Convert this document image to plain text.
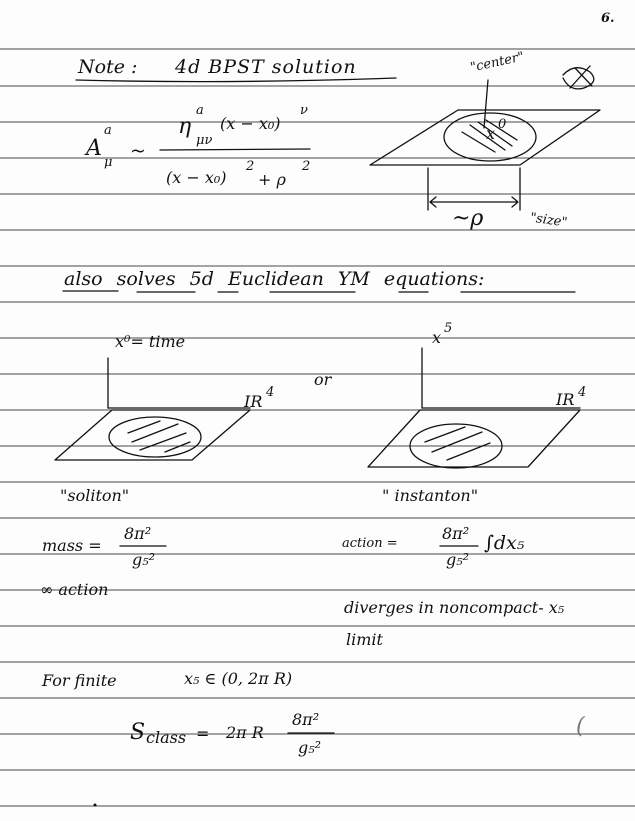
6.
Note : 4d BPST solution
A
a
μ
~
η
a
μν
(x − x₀)
ν
(x − x₀)
2
+ ρ
2
"center"
x 0
~ρ	"size"
also solves 5d Euclidean YM equations:
x⁰= time
IR 4
"soliton"
or
x 5
IR 4
" instanton"
mass =
8π²
g₅²
action =
8π²
g₅²
∫dx₅
∞ action
diverges in noncompact- x₅
limit
For finite	x₅ ∈ (0, 2π R)
S class = 2π R
8π²
g₅²
(
